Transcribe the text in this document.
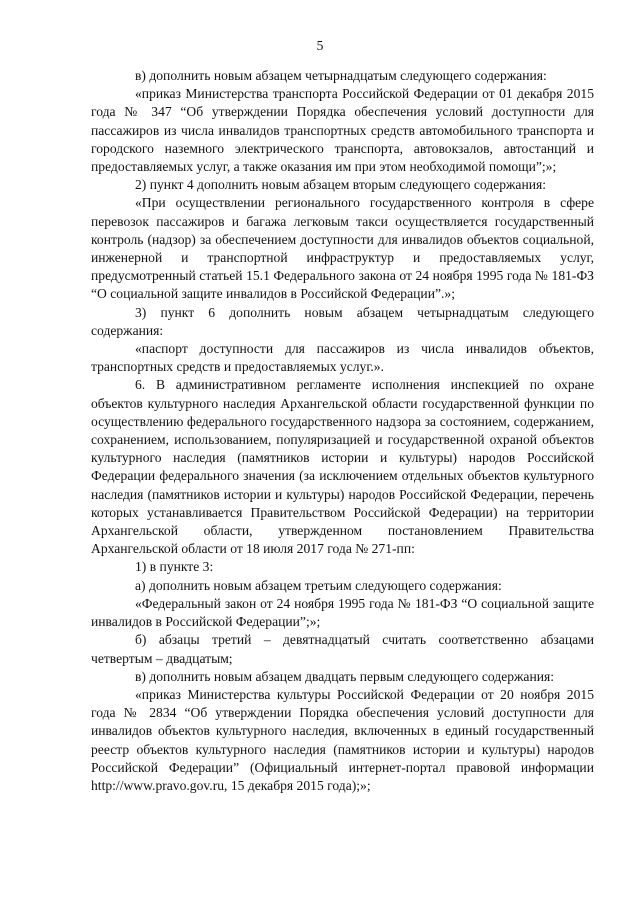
5

в) дополнить новым абзацем четырнадцатым следующего содержания:

«приказ Министерства транспорта Российской Федерации от 01 декабря 2015 года № 347 “Об утверждении Порядка обеспечения условий доступности для пассажиров из числа инвалидов транспортных средств автомобильного транспорта и городского наземного электрического транспорта, автовокзалов, автостанций и предоставляемых услуг, а также оказания им при этом необходимой помощи”;»;

2) пункт 4 дополнить новым абзацем вторым следующего содержания:

«При осуществлении регионального государственного контроля в сфере перевозок пассажиров и багажа легковым такси осуществляется государственный контроль (надзор) за обеспечением доступности для инвалидов объектов социальной, инженерной и транспортной инфраструктур и предоставляемых услуг, предусмотренный статьей 15.1 Федерального закона от 24 ноября 1995 года № 181-ФЗ “О социальной защите инвалидов в Российской Федерации”.»;

3) пункт 6 дополнить новым абзацем четырнадцатым следующего содержания:

«паспорт доступности для пассажиров из числа инвалидов объектов, транспортных средств и предоставляемых услуг.».

6. В административном регламенте исполнения инспекцией по охране объектов культурного наследия Архангельской области государственной функции по осуществлению федерального государственного надзора за состоянием, содержанием, сохранением, использованием, популяризацией и государственной охраной объектов культурного наследия (памятников истории и культуры) народов Российской Федерации федерального значения (за исключением отдельных объектов культурного наследия (памятников истории и культуры) народов Российской Федерации, перечень которых устанавливается Правительством Российской Федерации) на территории Архангельской области, утвержденном постановлением Правительства Архангельской области от 18 июля 2017 года № 271-пп:

1) в пункте 3:

а) дополнить новым абзацем третьим следующего содержания:

«Федеральный закон от 24 ноября 1995 года № 181-ФЗ “О социальной защите инвалидов в Российской Федерации”;»;

б) абзацы третий – девятнадцатый считать соответственно абзацами четвертым – двадцатым;

в) дополнить новым абзацем двадцать первым следующего содержания:

«приказ Министерства культуры Российской Федерации от 20 ноября 2015 года № 2834 “Об утверждении Порядка обеспечения условий доступности для инвалидов объектов культурного наследия, включенных в единый государственный реестр объектов культурного наследия (памятников истории и культуры) народов Российской Федерации” (Официальный интернет-портал правовой информации http://www.pravo.gov.ru, 15 декабря 2015 года);»;
